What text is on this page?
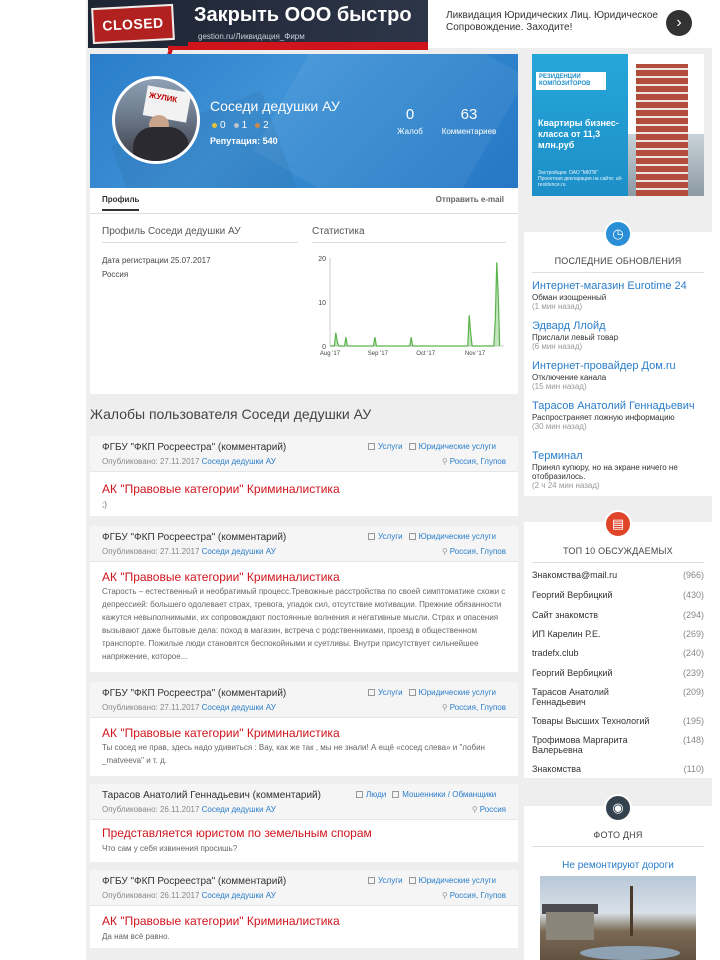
CLOSED	Закрыть ООО быстро
gestion.ru/Ликвидация_Фирм
Ликвидация Юридических Лиц. Юридическое Сопровождение. Заходите!	›
ЖУЛИК
Соседи дедушки АУ
0 1 2
Репутация: 540
0
Жалоб
63
Комментариев
Профиль	Отправить e-mail
Профиль Соседи дедушки АУ	Статистика
Дата регистрации 25.07.2017
Россия
0
10
20
Aug '17	Sep '17	Oct '17	Nov '17
Жалобы пользователя Соседи дедушки АУ
ФГБУ "ФКП Росреестра" (комментарий)
Опубликовано: 27.11.2017 Соседи дедушки АУ
Услуги	Юридические услуги
⚲ Россия, Глупов
АК "Правовые категории" Криминалистика
;)
ФГБУ "ФКП Росреестра" (комментарий)
Опубликовано: 27.11.2017 Соседи дедушки АУ
Услуги	Юридические услуги
⚲ Россия, Глупов
АК "Правовые категории" Криминалистика
Старость – естественный и необратимый процесс.Тревожные расстройства по своей симптоматике схожи с депрессией: большего одолевает страх, тревога, упадок сил, отсутствие мотивации. Прежние обязанности кажутся невыполнимыми, их сопровождают постоянные волнения и негативные мысли. Страх и опасения вызывают даже бытовые дела: поход в магазин, встреча с родственниками, проезд в общественном транспорте. Пожилые люди становятся беспокойными и суетливы. Внутри присутствует сильнейшее напряжение, которое...
ФГБУ "ФКП Росреестра" (комментарий)
Опубликовано: 27.11.2017 Соседи дедушки АУ
Услуги	Юридические услуги
⚲ Россия, Глупов
АК "Правовые категории" Криминалистика
Ты сосед не прав, здесь надо удивиться : Вау, как же так , мы не знали! А ещё «сосед слева» и "лобин _matveeva" и т. д.
Тарасов Анатолий Геннадьевич (комментарий)
Опубликовано: 26.11.2017 Соседи дедушки АУ
Люди	Мошенники / Обманщики
⚲ Россия
Представляется юристом по земельным спорам
Что сам у себя извинения просишь?
ФГБУ "ФКП Росреестра" (комментарий)
Опубликовано: 26.11.2017 Соседи дедушки АУ
Услуги	Юридические услуги
⚲ Россия, Глупов
АК "Правовые категории" Криминалистика
Да нам всё равно.
РЕЗИДЕНЦИИ КОМПОЗИТОРОВ
Квартиры бизнес-класса от 11,3 млн.руб
Застройщик: ОАО "МКПК" Проектная декларация на сайте: all-residence.ru
◷
ПОСЛЕДНИЕ ОБНОВЛЕНИЯ
Интернет-магазин Eurotime 24
Обман изощренный
(1 мин назад)
Эдвард Ллойд
Прислали левый товар
(6 мин назад)
Интернет-провайдер Дом.ru
Отключение канала
(15 мин назад)
Тарасов Анатолий Геннадьевич
Распространяет ложную информацию
(30 мин назад)
Терминал
Принял купюру, но на экране ничего не отобразилось.
(2 ч 24 мин назад)
▤
ТОП 10 ОБСУЖДАЕМЫХ
Знакомства@mail.ru	(966)
Георгий Вербицкий	(430)
Сайт знакомств	(294)
ИП Карелин Р.Е.	(269)
tradefx.club	(240)
Георгий Вербицкий	(239)
Тарасов Анатолий Геннадьевич
(209)
Товары Высших Технологий	(195)
Трофимова Маргарита Валерьевна
(148)
Знакомства	(110)
◉
ФОТО ДНЯ
Не ремонтируют дороги
